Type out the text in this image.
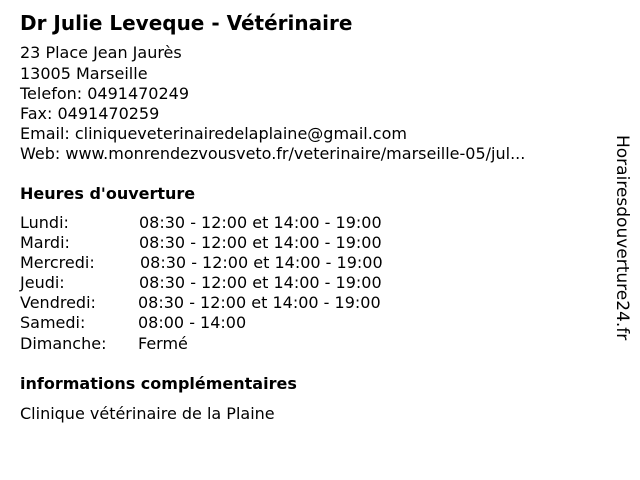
Dr Julie Leveque - Vétérinaire
23 Place Jean Jaurès
13005 Marseille
Telefon: 0491470249
Fax: 0491470259
Email: cliniqueveterinairedelaplaine@gmail.com
Web: www.monrendezvousveto.fr/veterinaire/marseille-05/jul...
Heures d'ouverture
Lundi:	08:30 - 12:00 et 14:00 - 19:00
Mardi:	08:30 - 12:00 et 14:00 - 19:00
Mercredi:	08:30 - 12:00 et 14:00 - 19:00
Jeudi:	08:30 - 12:00 et 14:00 - 19:00
Vendredi:	08:30 - 12:00 et 14:00 - 19:00
Samedi:	08:00 - 14:00
Dimanche: Fermé
informations complémentaires
Clinique vétérinaire de la Plaine
Horairesdouverture24.fr
